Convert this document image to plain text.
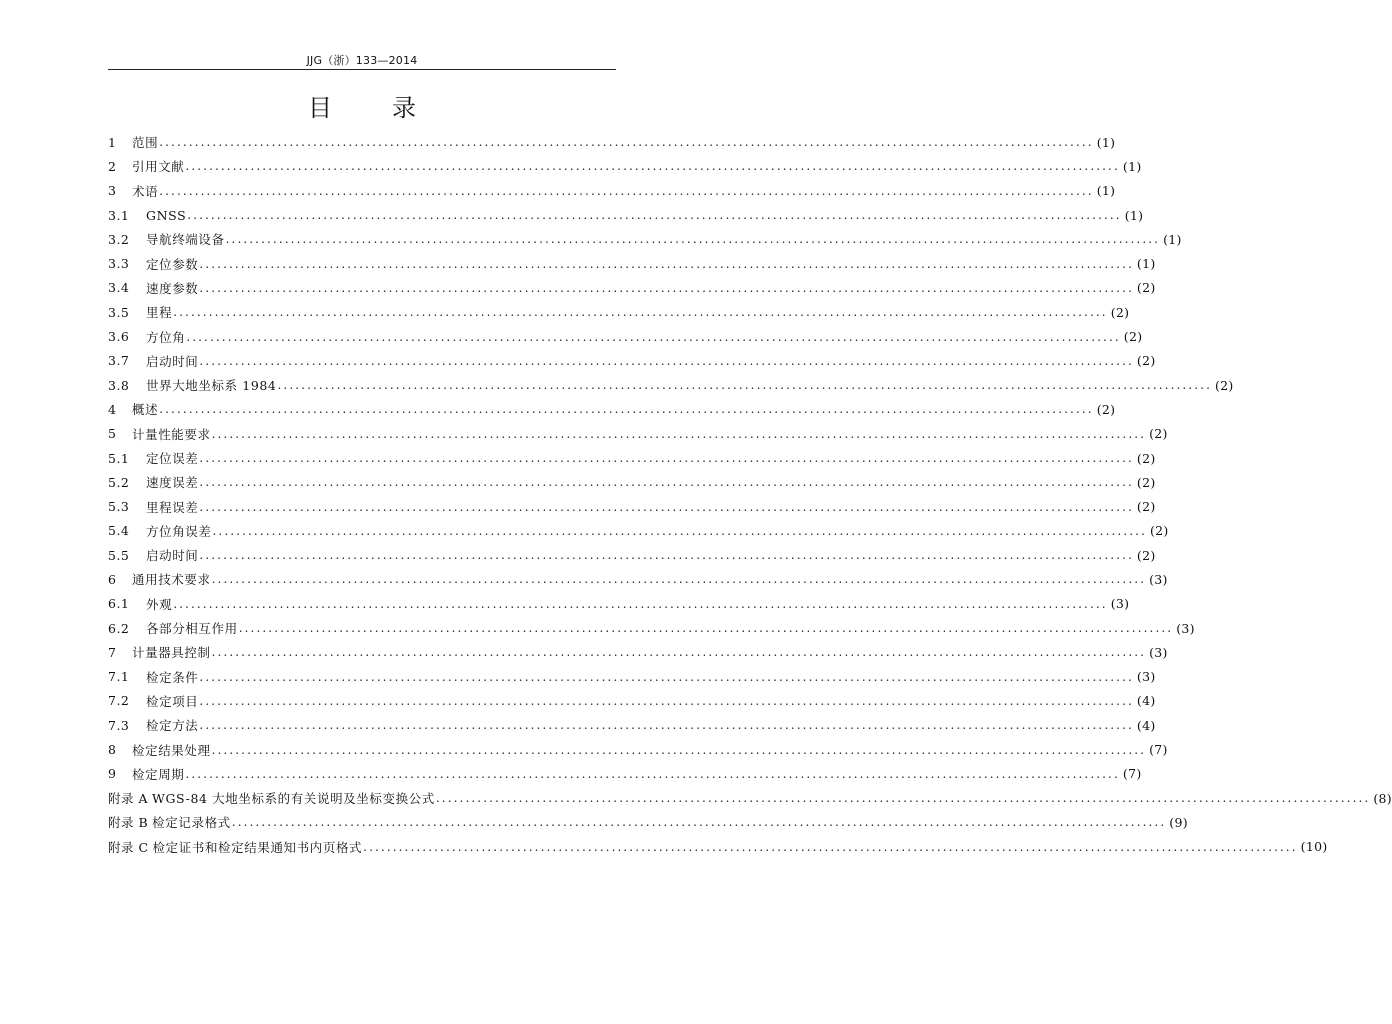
JJG（浙）133—2014
目　录
1	范围 .............................................................................................................................................................. (1)
2	引用文献 .............................................................................................................................................................. (1)
3	术语 .............................................................................................................................................................. (1)
3.1	GNSS .............................................................................................................................................................. (1)
3.2	导航终端设备 .............................................................................................................................................................. (1)
3.3	定位参数 .............................................................................................................................................................. (1)
3.4	速度参数 .............................................................................................................................................................. (2)
3.5	里程 .............................................................................................................................................................. (2)
3.6	方位角 .............................................................................................................................................................. (2)
3.7	启动时间 .............................................................................................................................................................. (2)
3.8	世界大地坐标系 1984 .............................................................................................................................................................. (2)
4	概述 .............................................................................................................................................................. (2)
5	计量性能要求 .............................................................................................................................................................. (2)
5.1	定位误差 .............................................................................................................................................................. (2)
5.2	速度误差 .............................................................................................................................................................. (2)
5.3	里程误差 .............................................................................................................................................................. (2)
5.4	方位角误差 .............................................................................................................................................................. (2)
5.5	启动时间 .............................................................................................................................................................. (2)
6	通用技术要求 .............................................................................................................................................................. (3)
6.1	外观 .............................................................................................................................................................. (3)
6.2	各部分相互作用 .............................................................................................................................................................. (3)
7	计量器具控制 .............................................................................................................................................................. (3)
7.1	检定条件 .............................................................................................................................................................. (3)
7.2	检定项目 .............................................................................................................................................................. (4)
7.3	检定方法 .............................................................................................................................................................. (4)
8	检定结果处理 .............................................................................................................................................................. (7)
9	检定周期 .............................................................................................................................................................. (7)
附录 A WGS-84 大地坐标系的有关说明及坐标变换公式 .............................................................................................................................................................. (8)
附录 B 检定记录格式 .............................................................................................................................................................. (9)
附录 C 检定证书和检定结果通知书内页格式 .............................................................................................................................................................. (10)
